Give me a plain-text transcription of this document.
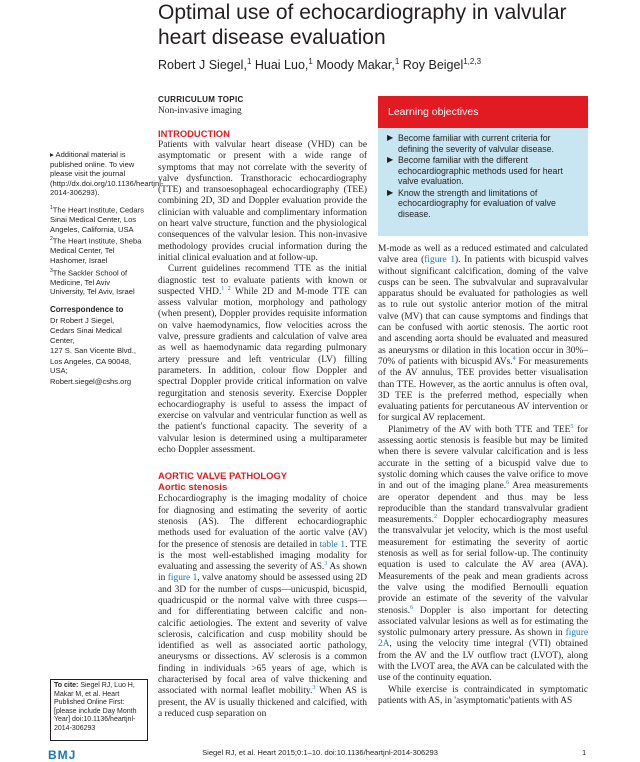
Optimal use of echocardiography in valvular heart disease evaluation
Robert J Siegel,$^1$ Huai Luo,$^1$ Moody Makar,$^1$ Roy Beigel$^{1,2,3}$

▸ Additional material is published online. To view please visit the journal (http://dx.doi.org/10.1136/heartjnl-2014-306293).

$^1$The Heart Institute, Cedars Sinai Medical Center, Los Angeles, California, USA

$^2$The Heart Institute, Sheba Medical Center, Tel Hashomer, Israel

$^3$The Sackler School of Medicine, Tel Aviv University, Tel Aviv, Israel

Correspondence to

Dr Robert J Siegel,

Cedars Sinai Medical Center,

127 S. San Vicente Blvd.,

Los Angeles, CA 90048, USA;

Robert.siegel@cshs.org

To cite: Siegel RJ, Luo H, Makar M, et al. Heart Published Online First: [please include Day Month Year] doi:10.1136/heartjnl-2014-306293
CURRICULUM TOPIC
Non-invasive imaging
INTRODUCTION

Patients with valvular heart disease (VHD) can be asymptomatic or present with a wide range of symptoms that may not correlate with the severity of valve dysfunction. Transthoracic echocardiography (TTE) and transoesophageal echocardiography (TEE) combining 2D, 3D and Doppler evaluation provide the clinician with valuable and complimentary information on heart valve structure, function and the physiological consequences of the valvular lesion. This non-invasive methodology provides crucial information during the initial clinical evaluation and at follow-up.

Current guidelines recommend TTE as the initial diagnostic test to evaluate patients with known or suspected VHD.$^{1 2}$ While 2D and M-mode TTE can assess valvular motion, morphology and pathology (when present), Doppler provides requisite information on valve haemodynamics, flow velocities across the valve, pressure gradients and calculation of valve area as well as haemodynamic data regarding pulmonary artery pressure and left ventricular (LV) filling parameters. In addition, colour flow Doppler and spectral Doppler provide critical information on valve regurgitation and stenosis severity. Exercise Doppler echocardiography is useful to assess the impact of exercise on valvular and ventricular function as well as the patient's functional capacity. The severity of a valvular lesion is determined using a multiparameter echo Doppler assessment.

AORTIC VALVE PATHOLOGY
Aortic stenosis

Echocardiography is the imaging modality of choice for diagnosing and estimating the severity of aortic stenosis (AS). The different echocardiographic methods used for evaluation of the aortic valve (AV) for the presence of stenosis are detailed in table 1. TTE is the most well-established imaging modality for evaluating and assessing the severity of AS.$^3$ As shown in figure 1, valve anatomy should be assessed using 2D and 3D for the number of cusps—unicuspid, bicuspid, quadricuspid or the normal valve with three cusps—and for differentiating between calcific and non-calcific aetiologies. The extent and severity of valve sclerosis, calcification and cusp mobility should be identified as well as associated aortic pathology, aneurysms or dissections. AV sclerosis is a common finding in individuals >65 years of age, which is characterised by focal area of valve thickening and associated with normal leaflet mobility.$^3$ When AS is present, the AV is usually thickened and calcified, with a reduced cusp separation on

Learning objectives
▶ Become familiar with current criteria for defining the severity of valvular disease.
▶ Become familiar with the different echocardiographic methods used for heart valve evaluation.
▶ Know the strength and limitations of echocardiography for evaluation of valve disease.

M-mode as well as a reduced estimated and calculated valve area (figure 1). In patients with bicuspid valves without significant calcification, doming of the valve cusps can be seen. The subvalvular and supravalvular apparatus should be evaluated for pathologies as well as to rule out systolic anterior motion of the mitral valve (MV) that can cause symptoms and findings that can be confused with aortic stenosis. The aortic root and ascending aorta should be evaluated and measured as aneurysms or dilation in this location occur in 30%–70% of patients with bicuspid AVs.$^4$ For measurements of the AV annulus, TEE provides better visualisation than TTE. However, as the aortic annulus is often oval, 3D TEE is the preferred method, especially when evaluating patients for percutaneous AV intervention or for surgical AV replacement.

Planimetry of the AV with both TTE and TEE$^5$ for assessing aortic stenosis is feasible but may be limited when there is severe valvular calcification and is less accurate in the setting of a bicuspid valve due to systolic doming which causes the valve orifice to move in and out of the imaging plane.$^6$ Area measurements are operator dependent and thus may be less reproducible than the standard transvalvular gradient measurements.$^2$ Doppler echocardiography measures the transvalvular jet velocity, which is the most useful measurement for estimating the severity of aortic stenosis as well as for serial follow-up. The continuity equation is used to calculate the AV area (AVA). Measurements of the peak and mean gradients across the valve using the modified Bernoulli equation provide an estimate of the severity of the valvular stenosis.$^6$ Doppler is also important for detecting associated valvular lesions as well as for estimating the systolic pulmonary artery pressure. As shown in figure 2A, using the velocity time integral (VTI) obtained from the AV and the LV outflow tract (LVOT), along with the LVOT area, the AVA can be calculated with the use of the continuity equation.

While exercise is contraindicated in symptomatic patients with AS, in 'asymptomatic'patients with AS

BMJ	Siegel RJ, et al. Heart 2015;0:1–10. doi:10.1136/heartjnl-2014-306293	1
